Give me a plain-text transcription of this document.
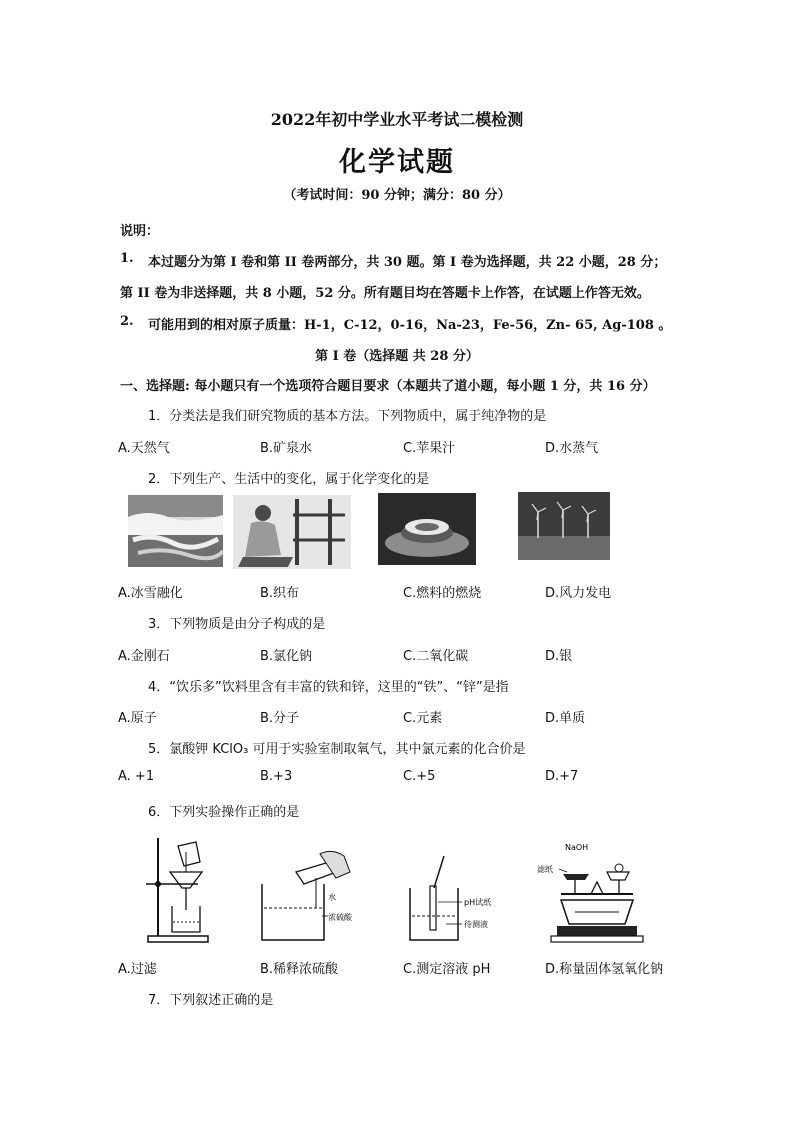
2022年初中学业水平考试二模检测
化学试题
（考试时间：90 分钟；满分：80 分）
说明：
1. 本过题分为第 I 卷和第 II 卷两部分，共 30 题。第 I 卷为选择题，共 22 小题，28 分；
第 II 卷为非送择题，共 8 小题，52 分。所有题目均在答题卡上作答，在试题上作答无效。
2. 可能用到的相对原子质量：H-1，C-12，0-16，Na-23，Fe-56，Zn- 65, Ag-108 。
第 I 卷（选择题 共 28 分）
一、选择题: 每小题只有一个选项符合题目要求（本题共了道小题，每小题 1 分，共 16 分）
1．分类法是我们研究物质的基本方法。下列物质中，属于纯净物的是
A.天然气	B.矿泉水	C.苹果汁	D.水蒸气
2．下列生产、生活中的变化，属于化学变化的是
A.冰雪融化	B.织布	C.燃料的燃烧	D.风力发电
3．下列物质是由分子构成的是
A.金刚石	B.氯化钠	C.二氧化碳	D.银
4．“饮乐多”饮料里含有丰富的铁和锌，这里的“铁”、“锌”是指
A.原子	B.分子	C.元素	D.单质
5．氯酸钾 KClO₃ 可用于实验室制取氧气，其中氯元素的化合价是
A. +1	B.+3	C.+5	D.+7
6．下列实验操作正确的是
水
浓硫酸
pH试纸
待测液
NaOH
滤纸
A.过滤	B.稀释浓硫酸	C.测定溶液 pH	D.称量固体氢氧化钠
7．下列叙述正确的是
